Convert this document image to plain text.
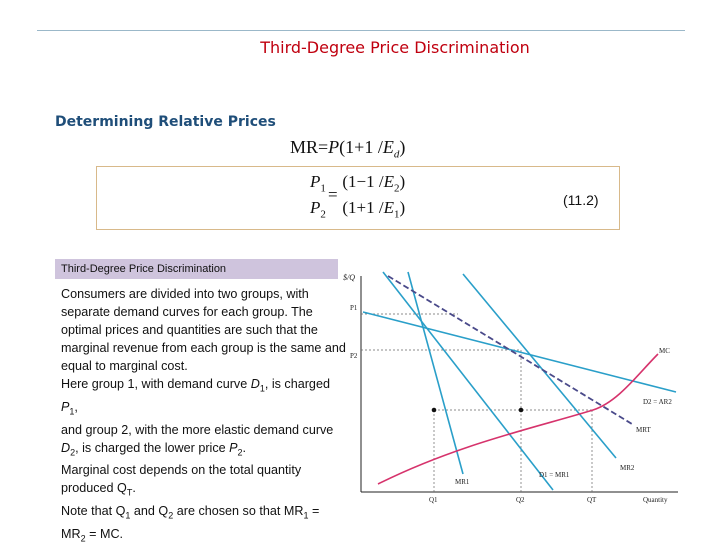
Third-Degree Price Discrimination
Determining Relative Prices
MR=P(1+1 $/E_d$)
$P_1$ (1−1 $/E_2$)
$P_2$ (1+1 $/E_1$)
=	(11.2)
Third-Degree Price Discrimination

Consumers are divided into two groups, with separate demand curves for each group. The optimal prices and quantities are such that the marginal revenue from each group is the same and equal to marginal cost.

Here group 1, with demand curve $D_1$, is charged $P_1$,

and group 2, with the more elastic demand curve $D_2$, is charged the lower price $P_2$.

Marginal cost depends on the total quantity produced $Q_T$.

Note that $Q_1$ and $Q_2$ are chosen so that $MR_1 = MR_2$ = MC.

$/Q
P1
P2
MC
D2 = AR2
MRT
D1 = MR1
MR1
MR2
Q1	Q2	QT	Quantity
